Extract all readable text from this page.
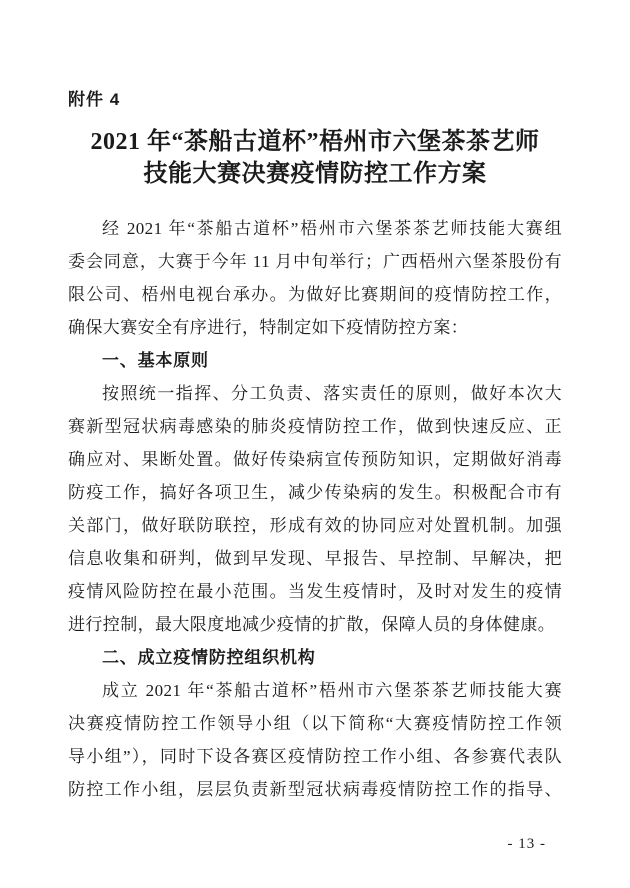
附件 4
2021 年“茶船古道杯”梧州市六堡茶茶艺师
技能大赛决赛疫情防控工作方案
经 2021 年“茶船古道杯”梧州市六堡茶茶艺师技能大赛组
委会同意，大赛于今年 11 月中旬举行；广西梧州六堡茶股份有
限公司、梧州电视台承办。为做好比赛期间的疫情防控工作，
确保大赛安全有序进行，特制定如下疫情防控方案：
一、基本原则
按照统一指挥、分工负责、落实责任的原则，做好本次大
赛新型冠状病毒感染的肺炎疫情防控工作，做到快速反应、正
确应对、果断处置。做好传染病宣传预防知识，定期做好消毒
防疫工作，搞好各项卫生，减少传染病的发生。积极配合市有
关部门，做好联防联控，形成有效的协同应对处置机制。加强
信息收集和研判，做到早发现、早报告、早控制、早解决，把
疫情风险防控在最小范围。当发生疫情时，及时对发生的疫情
进行控制，最大限度地减少疫情的扩散，保障人员的身体健康。
二、成立疫情防控组织机构
成立 2021 年“茶船古道杯”梧州市六堡茶茶艺师技能大赛
决赛疫情防控工作领导小组（以下简称“大赛疫情防控工作领
导小组”），同时下设各赛区疫情防控工作小组、各参赛代表队
防控工作小组，层层负责新型冠状病毒疫情防控工作的指导、
- 13 -
